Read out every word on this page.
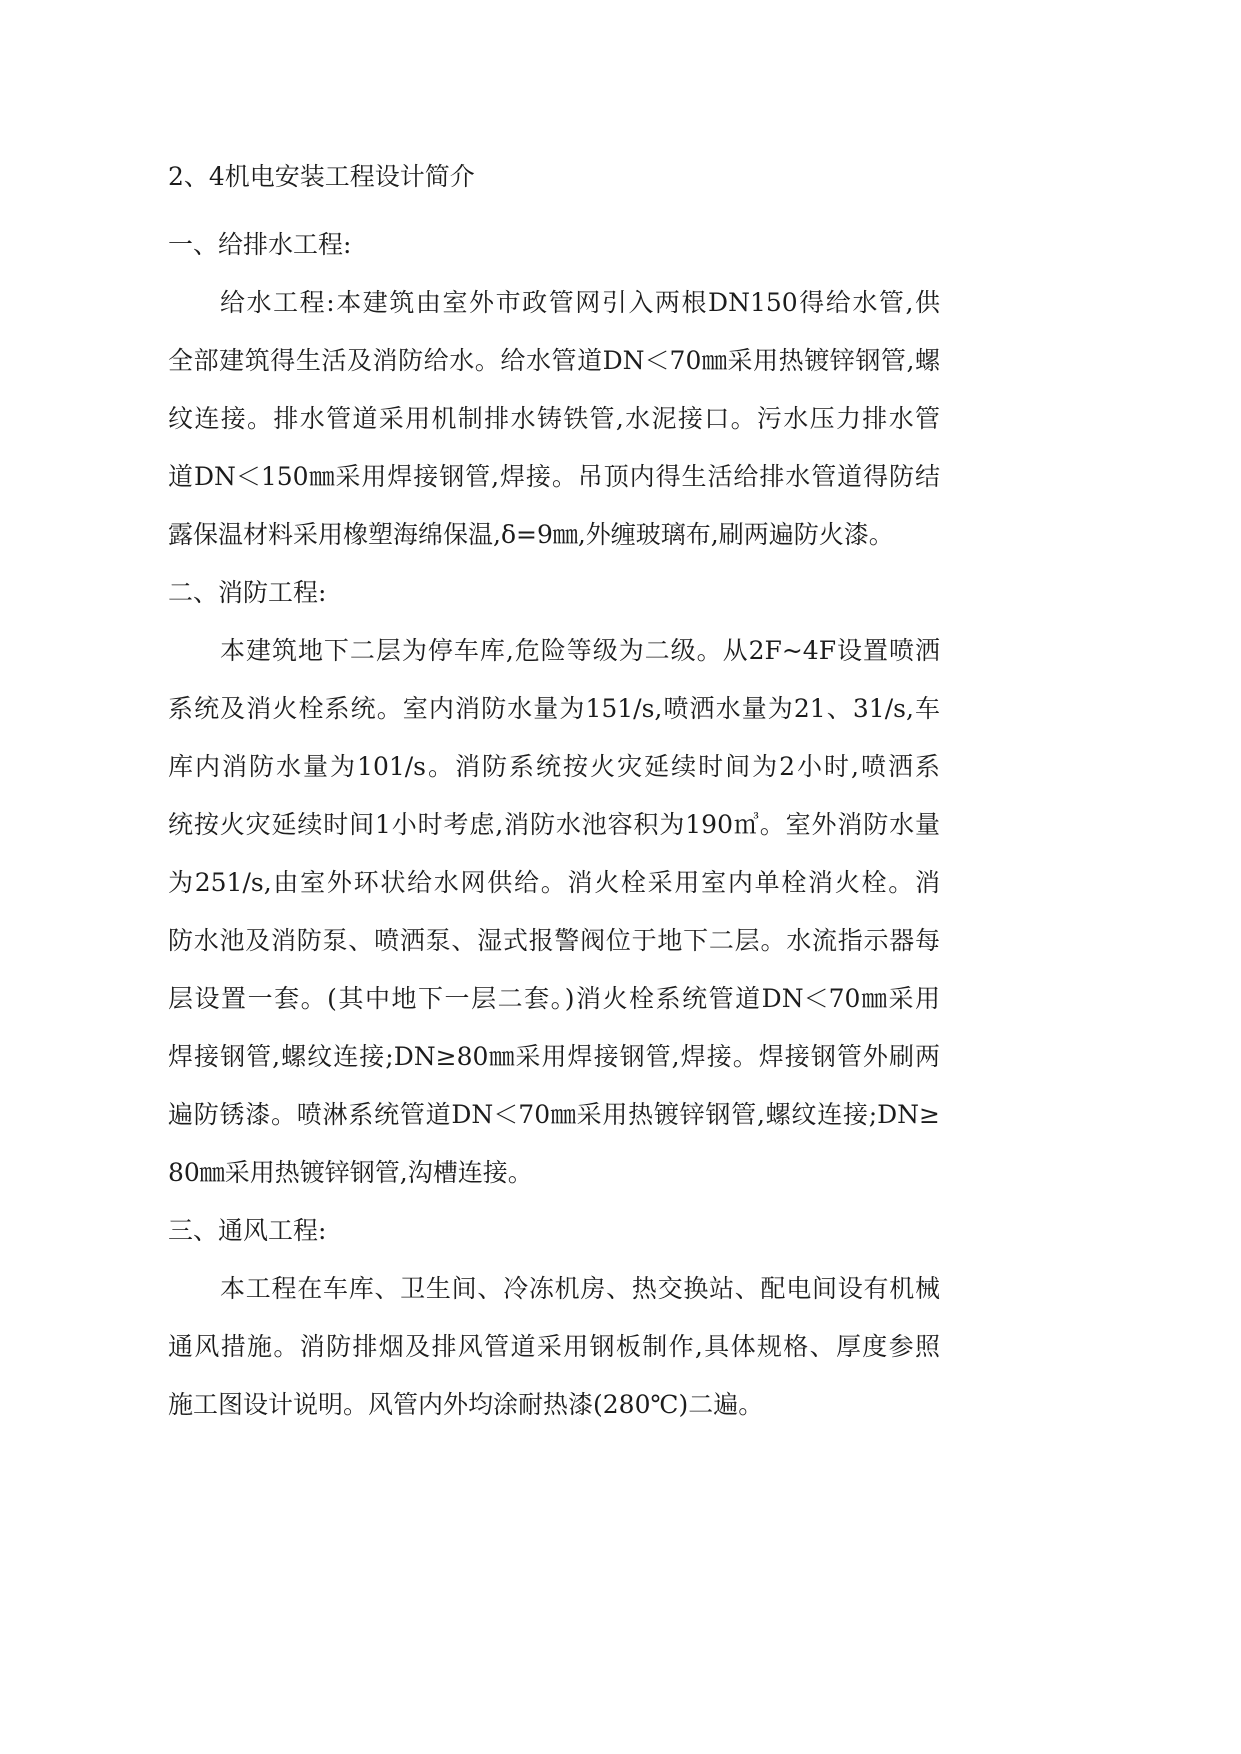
2、4机电安装工程设计简介
一、给排水工程:
给水工程:本建筑由室外市政管网引入两根DN150得给水管,供
全部建筑得生活及消防给水。给水管道DN＜70㎜采用热镀锌钢管,螺
纹连接。排水管道采用机制排水铸铁管,水泥接口。污水压力排水管
道DN＜150㎜采用焊接钢管,焊接。吊顶内得生活给排水管道得防结
露保温材料采用橡塑海绵保温,δ=9㎜,外缠玻璃布,刷两遍防火漆。
二、消防工程:
本建筑地下二层为停车库,危险等级为二级。从2F~4F设置喷洒
系统及消火栓系统。室内消防水量为151/s,喷洒水量为21、31/s,车
库内消防水量为101/s。消防系统按火灾延续时间为2小时,喷洒系
统按火灾延续时间1小时考虑,消防水池容积为190㎥。室外消防水量
为251/s,由室外环状给水网供给。消火栓采用室内单栓消火栓。消
防水池及消防泵、喷洒泵、湿式报警阀位于地下二层。水流指示器每
层设置一套。(其中地下一层二套。)消火栓系统管道DN＜70㎜采用
焊接钢管,螺纹连接;DN≥80㎜采用焊接钢管,焊接。焊接钢管外刷两
遍防锈漆。喷淋系统管道DN＜70㎜采用热镀锌钢管,螺纹连接;DN≥
80㎜采用热镀锌钢管,沟槽连接。
三、通风工程:
本工程在车库、卫生间、冷冻机房、热交换站、配电间设有机械
通风措施。消防排烟及排风管道采用钢板制作,具体规格、厚度参照
施工图设计说明。风管内外均涂耐热漆(280℃)二遍。
